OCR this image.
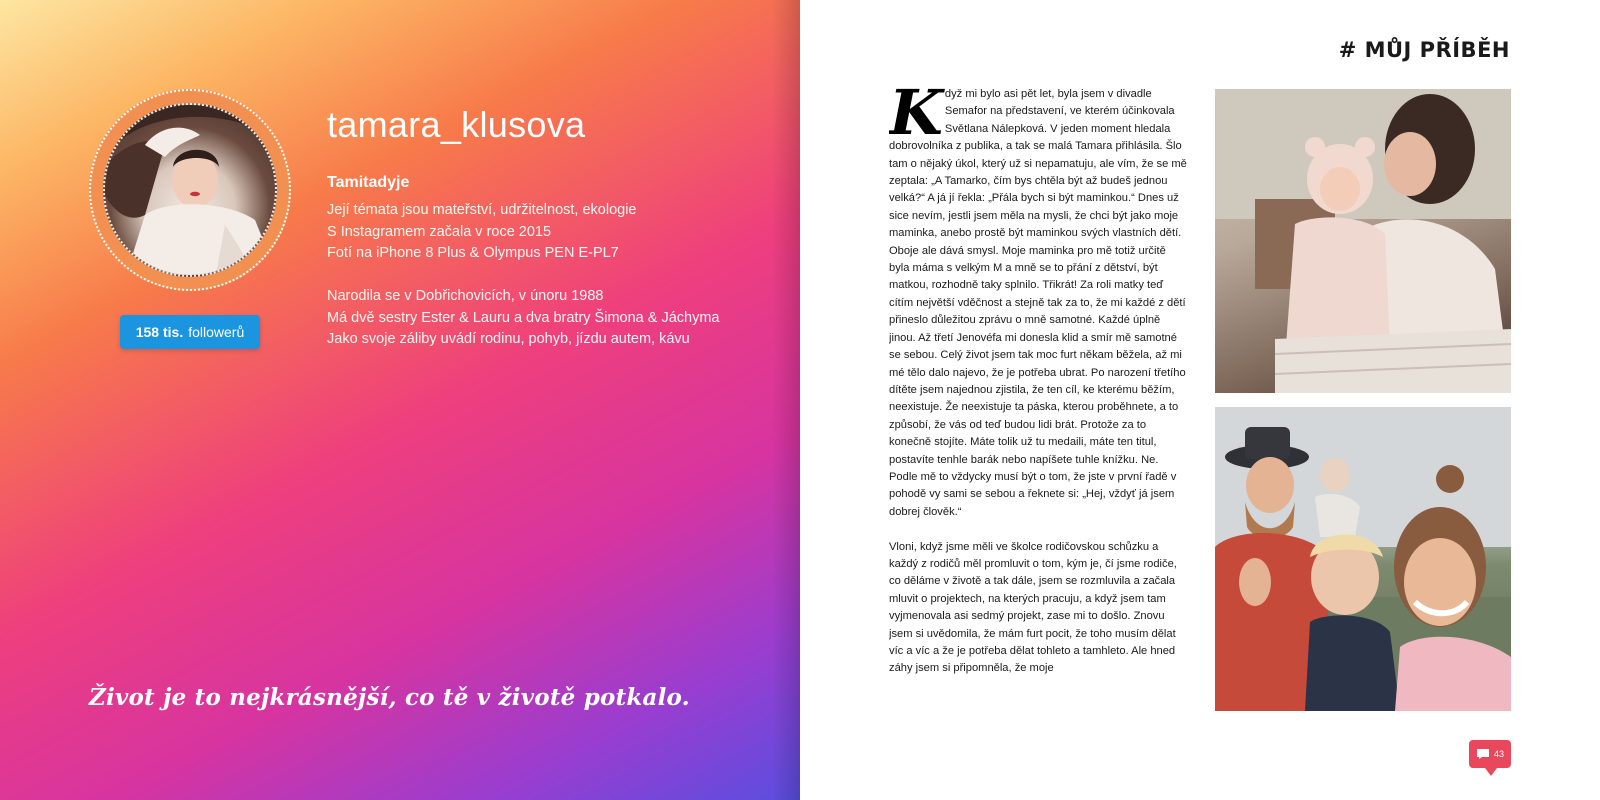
158 tis. followerů
tamara_klusova
Tamitadyje
Její témata jsou mateřství, udržitelnost, ekologie
S Instagramem začala v roce 2015
Fotí na iPhone 8 Plus & Olympus PEN E-PL7
Narodila se v Dobřichovicích, v únoru 1988
Má dvě sestry Ester & Lauru a dva bratry Šimona & Jáchyma
Jako svoje záliby uvádí rodinu, pohyb, jízdu autem, kávu
Život je to nejkrásnější, co tě v životě potkalo.
# MŮJ PŘÍBĚH

Když mi bylo asi pět let, byla jsem v divadle Semafor na představení, ve kterém účinkovala Světlana Nálepková. V jeden moment hledala dobrovolníka z publika, a tak se malá Tamara přihlásila. Šlo tam o nějaký úkol, který už si nepamatuju, ale vím, že se mě zeptala: „A Tamarko, čím bys chtěla být až budeš jednou velká?“ A já jí řekla: „Přála bych si být maminkou.“ Dnes už sice nevím, jestli jsem měla na mysli, že chci být jako moje maminka, anebo prostě být maminkou svých vlastních dětí. Oboje ale dává smysl. Moje maminka pro mě totiž určitě byla máma s velkým M a mně se to přání z dětství, být matkou, rozhodně taky splnilo. Třikrát! Za roli matky teď cítím největší vděčnost a stejně tak za to, že mi každé z dětí přineslo důležitou zprávu o mně samotné. Každé úplně jinou. Až třetí Jenovéfa mi donesla klid a smír mě samotné se sebou. Celý život jsem tak moc furt někam běžela, až mi mé tělo dalo najevo, že je potřeba ubrat. Po narození třetího dítěte jsem najednou zjistila, že ten cíl, ke kterému běžím, neexistuje. Že neexistuje ta páska, kterou proběhnete, a to způsobí, že vás od teď budou lidi brát. Protože za to konečně stojíte. Máte tolik už tu medaili, máte ten titul, postavíte tenhle barák nebo napíšete tuhle knížku. Ne. Podle mě to vždycky musí být o tom, že jste v první řadě v pohodě vy sami se sebou a řeknete si: „Hej, vždyť já jsem dobrej člověk.“

Vloni, když jsme měli ve školce rodičovskou schůzku a každý z rodičů měl promluvit o tom, kým je, čí jsme rodiče, co děláme v životě a tak dále, jsem se rozmluvila a začala mluvit o projektech, na kterých pracuju, a když jsem tam vyjmenovala asi sedmý projekt, zase mi to došlo. Znovu jsem si uvědomila, že mám furt pocit, že toho musím dělat víc a víc a že je potřeba dělat tohleto a tamhleto. Ale hned záhy jsem si připomněla, že moje

43
